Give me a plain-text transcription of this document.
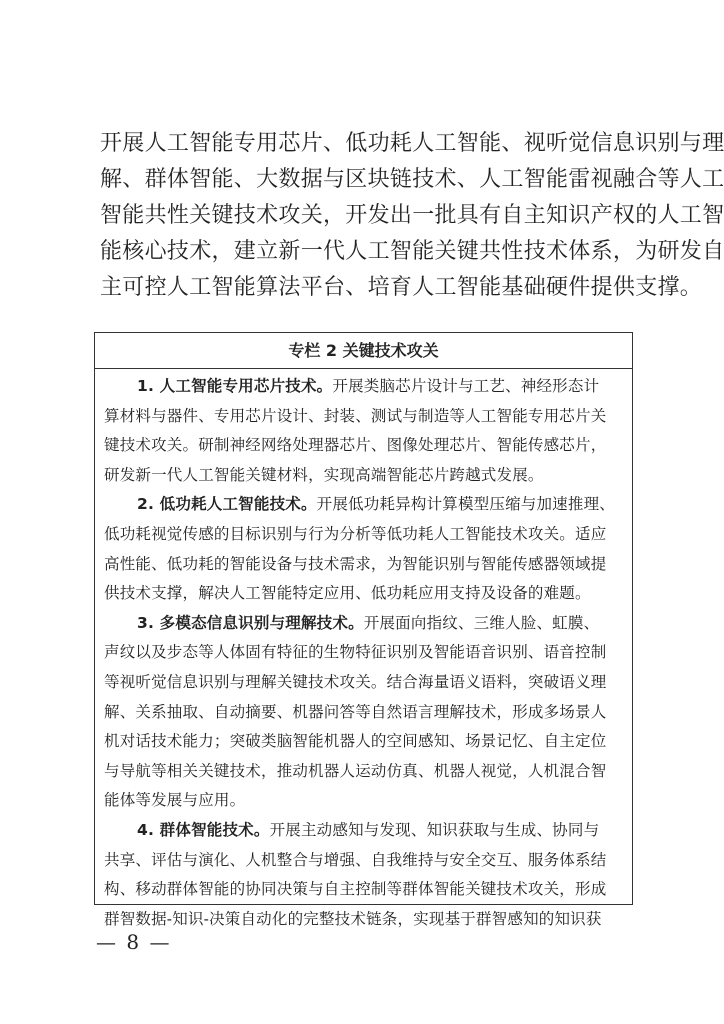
开展人工智能专用芯片、低功耗人工智能、视听觉信息识别与理
解、群体智能、大数据与区块链技术、人工智能雷视融合等人工
智能共性关键技术攻关，开发出一批具有自主知识产权的人工智
能核心技术，建立新一代人工智能关键共性技术体系，为研发自
主可控人工智能算法平台、培育人工智能基础硬件提供支撑。
专栏 2 关键技术攻关
1. 人工智能专用芯片技术。开展类脑芯片设计与工艺、神经形态计
算材料与器件、专用芯片设计、封装、测试与制造等人工智能专用芯片关
键技术攻关。研制神经网络处理器芯片、图像处理芯片、智能传感芯片，
研发新一代人工智能关键材料，实现高端智能芯片跨越式发展。
2. 低功耗人工智能技术。开展低功耗异构计算模型压缩与加速推理、
低功耗视觉传感的目标识别与行为分析等低功耗人工智能技术攻关。适应
高性能、低功耗的智能设备与技术需求，为智能识别与智能传感器领域提
供技术支撑，解决人工智能特定应用、低功耗应用支持及设备的难题。
3. 多模态信息识别与理解技术。开展面向指纹、三维人脸、虹膜、
声纹以及步态等人体固有特征的生物特征识别及智能语音识别、语音控制
等视听觉信息识别与理解关键技术攻关。结合海量语义语料，突破语义理
解、关系抽取、自动摘要、机器问答等自然语言理解技术，形成多场景人
机对话技术能力；突破类脑智能机器人的空间感知、场景记忆、自主定位
与导航等相关关键技术，推动机器人运动仿真、机器人视觉，人机混合智
能体等发展与应用。
4. 群体智能技术。开展主动感知与发现、知识获取与生成、协同与
共享、评估与演化、人机整合与增强、自我维持与安全交互、服务体系结
构、移动群体智能的协同决策与自主控制等群体智能关键技术攻关，形成
群智数据-知识-决策自动化的完整技术链条，实现基于群智感知的知识获
— 8 —
